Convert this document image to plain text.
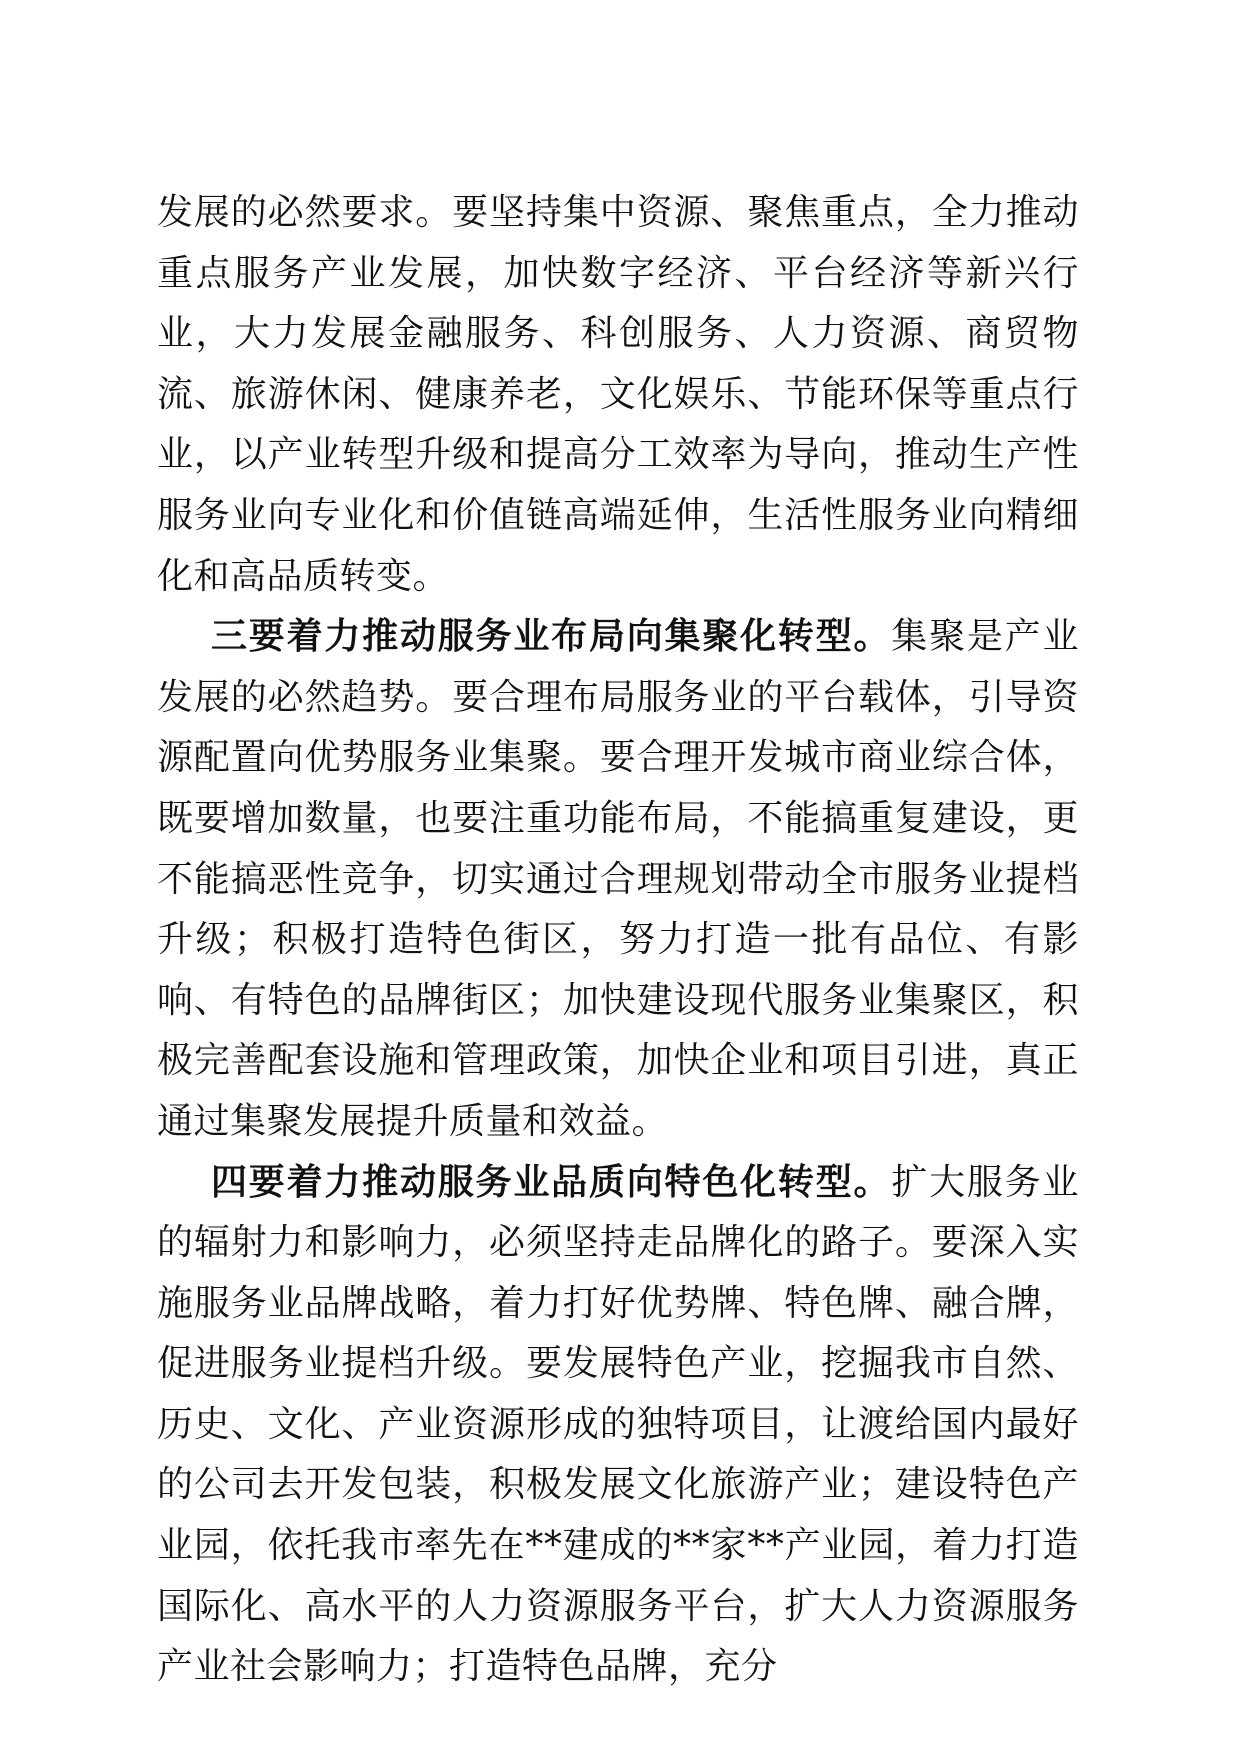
发展的必然要求。要坚持集中资源、聚焦重点，全力推动重点服务产业发展，加快数字经济、平台经济等新兴行业，大力发展金融服务、科创服务、人力资源、商贸物流、旅游休闲、健康养老，文化娱乐、节能环保等重点行业，以产业转型升级和提高分工效率为导向，推动生产性服务业向专业化和价值链高端延伸，生活性服务业向精细化和高品质转变。

三要着力推动服务业布局向集聚化转型。集聚是产业发展的必然趋势。要合理布局服务业的平台载体，引导资源配置向优势服务业集聚。要合理开发城市商业综合体，既要增加数量，也要注重功能布局，不能搞重复建设，更不能搞恶性竞争，切实通过合理规划带动全市服务业提档升级；积极打造特色街区，努力打造一批有品位、有影响、有特色的品牌街区；加快建设现代服务业集聚区，积极完善配套设施和管理政策，加快企业和项目引进，真正通过集聚发展提升质量和效益。

四要着力推动服务业品质向特色化转型。扩大服务业的辐射力和影响力，必须坚持走品牌化的路子。要深入实施服务业品牌战略，着力打好优势牌、特色牌、融合牌，促进服务业提档升级。要发展特色产业，挖掘我市自然、历史、文化、产业资源形成的独特项目，让渡给国内最好的公司去开发包装，积极发展文化旅游产业；建设特色产业园，依托我市率先在**建成的**家**产业园，着力打造国际化、高水平的人力资源服务平台，扩大人力资源服务产业社会影响力；打造特色品牌，充分
